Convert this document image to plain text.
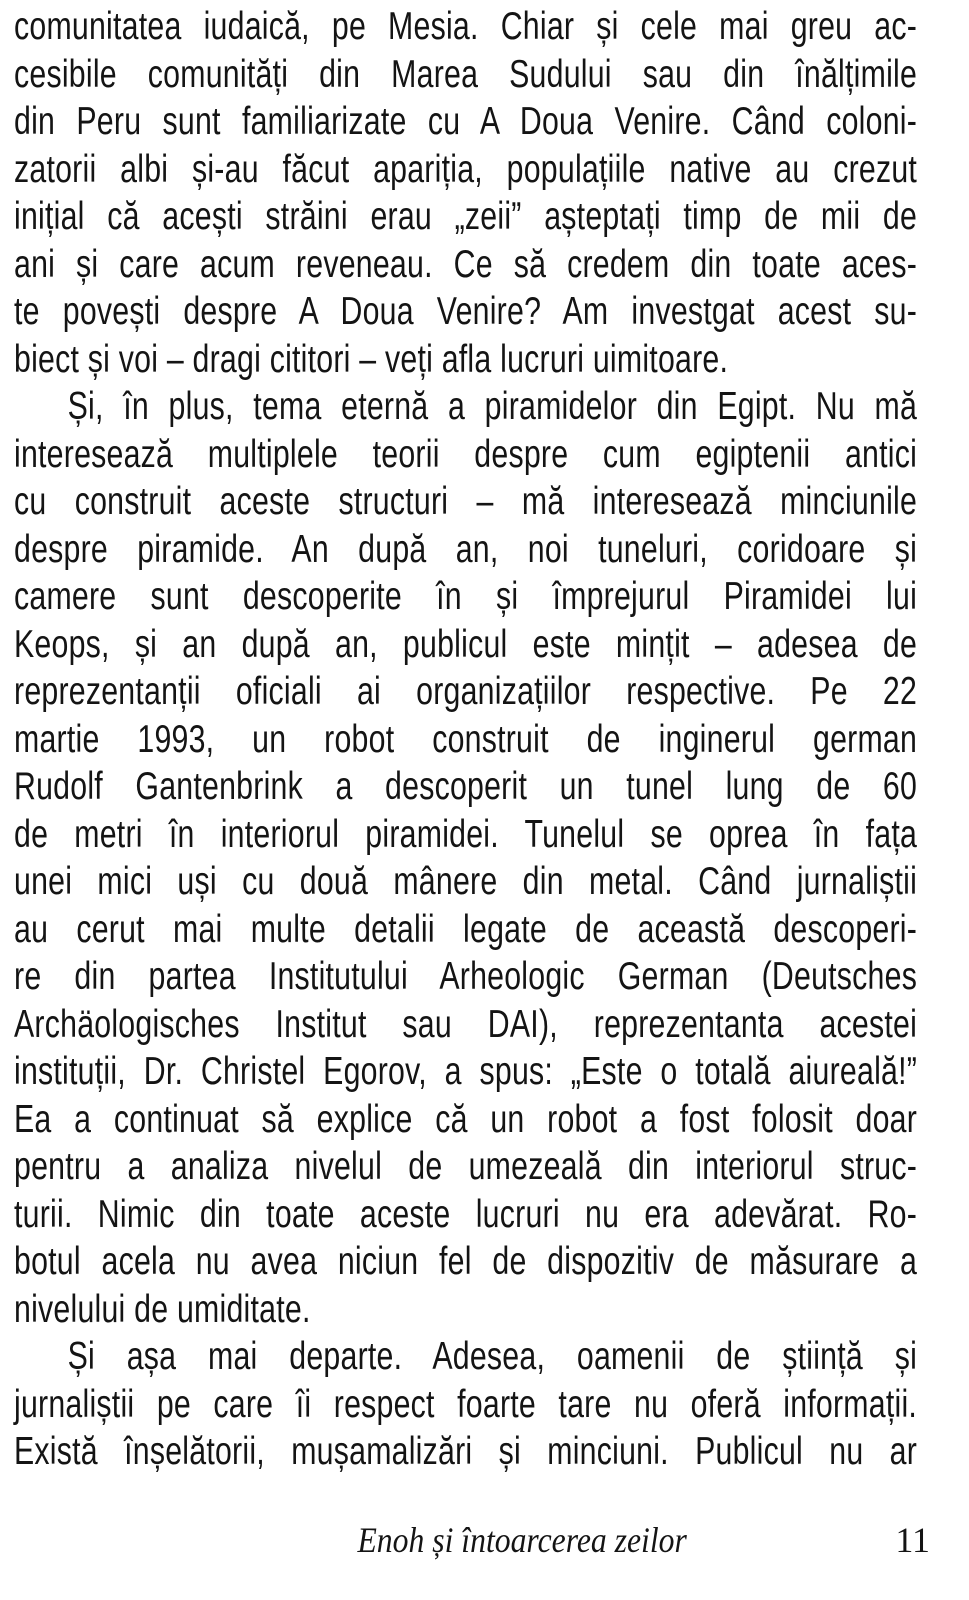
comunitatea iudaică, pe Mesia. Chiar și cele mai greu ac-
cesibile comunități din Marea Sudului sau din înălțimile
din Peru sunt familiarizate cu A Doua Venire. Când coloni-
zatorii albi și-au făcut apariția, populațiile native au crezut
inițial că acești străini erau „zeii” așteptați timp de mii de
ani și care acum reveneau. Ce să credem din toate aces-
te povești despre A Doua Venire? Am investgat acest su-
biect și voi – dragi cititori – veți afla lucruri uimitoare.
Și, în plus, tema eternă a piramidelor din Egipt. Nu mă
interesează multiplele teorii despre cum egiptenii antici
cu construit aceste structuri – mă interesează minciunile
despre piramide. An după an, noi tuneluri, coridoare și
camere sunt descoperite în și împrejurul Piramidei lui
Keops, și an după an, publicul este mințit – adesea de
reprezentanții oficiali ai organizațiilor respective. Pe 22
martie 1993, un robot construit de inginerul german
Rudolf Gantenbrink a descoperit un tunel lung de 60
de metri în interiorul piramidei. Tunelul se oprea în fața
unei mici uși cu două mânere din metal. Când jurnaliștii
au cerut mai multe detalii legate de această descoperi-
re din partea Institutului Arheologic German (Deutsches
Archäologisches Institut sau DAI), reprezentanta acestei
instituții, Dr. Christel Egorov, a spus: „Este o totală aiureală!”
Ea a continuat să explice că un robot a fost folosit doar
pentru a analiza nivelul de umezeală din interiorul struc-
turii. Nimic din toate aceste lucruri nu era adevărat. Ro-
botul acela nu avea niciun fel de dispozitiv de măsurare a
nivelului de umiditate.
Și așa mai departe. Adesea, oamenii de știință și
jurnaliștii pe care îi respect foarte tare nu oferă informații.
Există înșelătorii, mușamalizări și minciuni. Publicul nu ar
Enoh și întoarcerea zeilor	11
